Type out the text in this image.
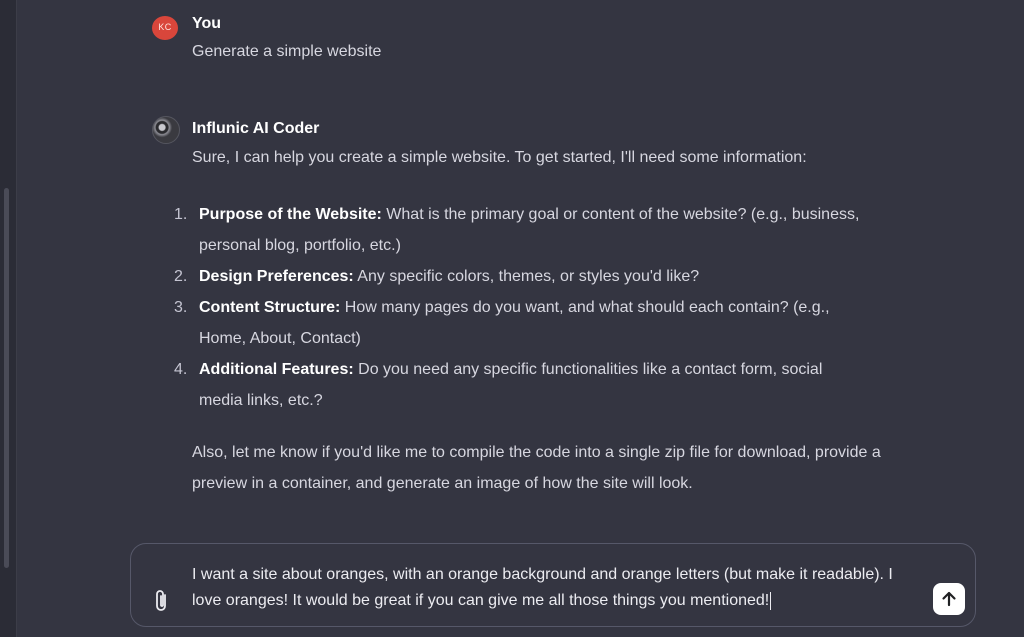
KC	You
Generate a simple website
Influnic AI Coder
Sure, I can help you create a simple website. To get started, I'll need some information:
1. Purpose of the Website: What is the primary goal or content of the website? (e.g., business, personal blog, portfolio, etc.)
2. Design Preferences: Any specific colors, themes, or styles you'd like?
3. Content Structure: How many pages do you want, and what should each contain? (e.g., Home, About, Contact)
4. Additional Features: Do you need any specific functionalities like a contact form, social media links, etc.?
Also, let me know if you'd like me to compile the code into a single zip file for download, provide a preview in a container, and generate an image of how the site will look.
I want a site about oranges, with an orange background and orange letters (but make it readable). I love oranges! It would be great if you can give me all those things you mentioned!
